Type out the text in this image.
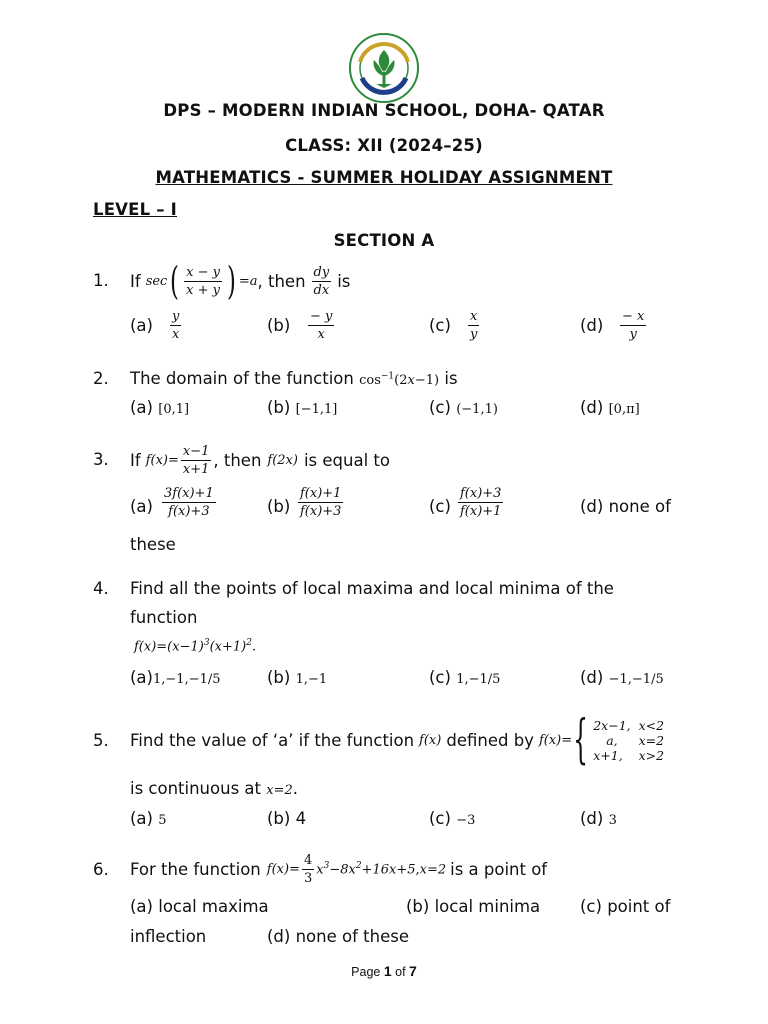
DPS – MODERN INDIAN SCHOOL, DOHA- QATAR
CLASS: XII (2024–25)
MATHEMATICS - SUMMER HOLIDAY ASSIGNMENT
LEVEL – I
SECTION A
1. If sec ( $\frac{x - y}{x + y}$ ) =a , then $\frac{dy}{dx}$ is
$(a) \frac{y}{x}$	$(b) \frac{- y}{x}$	$(c) \frac{x}{y}$	$(d) \frac{- x}{y}$
2. The domain of the function $\cos^{-1}(2x-1)$ is
(a) [0,1]	(b) [−1,1]	(c) (−1,1)	(d) [0,π]
3. If $f(x)= \frac{x-1}{x+1}$ , then f(2x) is equal to
$(a) \frac{3f(x)+1}{f(x)+3}$	$(b) \frac{f(x)+1}{f(x)+3}$	$(c) \frac{f(x)+3}{f(x)+1}$	(d) none of
these
4. Find all the points of local maxima and local minima of the
function
$f(x)=(x-1)^3(x+1)^2$.
(a)1,−1,−1/5	(b) 1,−1	(c) 1,−1/5	(d) −1,−1/5
5. Find the value of ‘a’ if the function f(x) defined by f(x)= { 2x−1,	x<2
a,	x=2
x+1,	x>2
is continuous at x=2.
(a) 5	(b) 4	(c) −3	(d) 3
6. For the function $f(x)= \frac{4}{3} x^3-8x^2+16x+5,x=2$ is a point of
(a) local maxima	(b) local minima (c) point of
inflection	(d) none of these
Page 1 of 7
